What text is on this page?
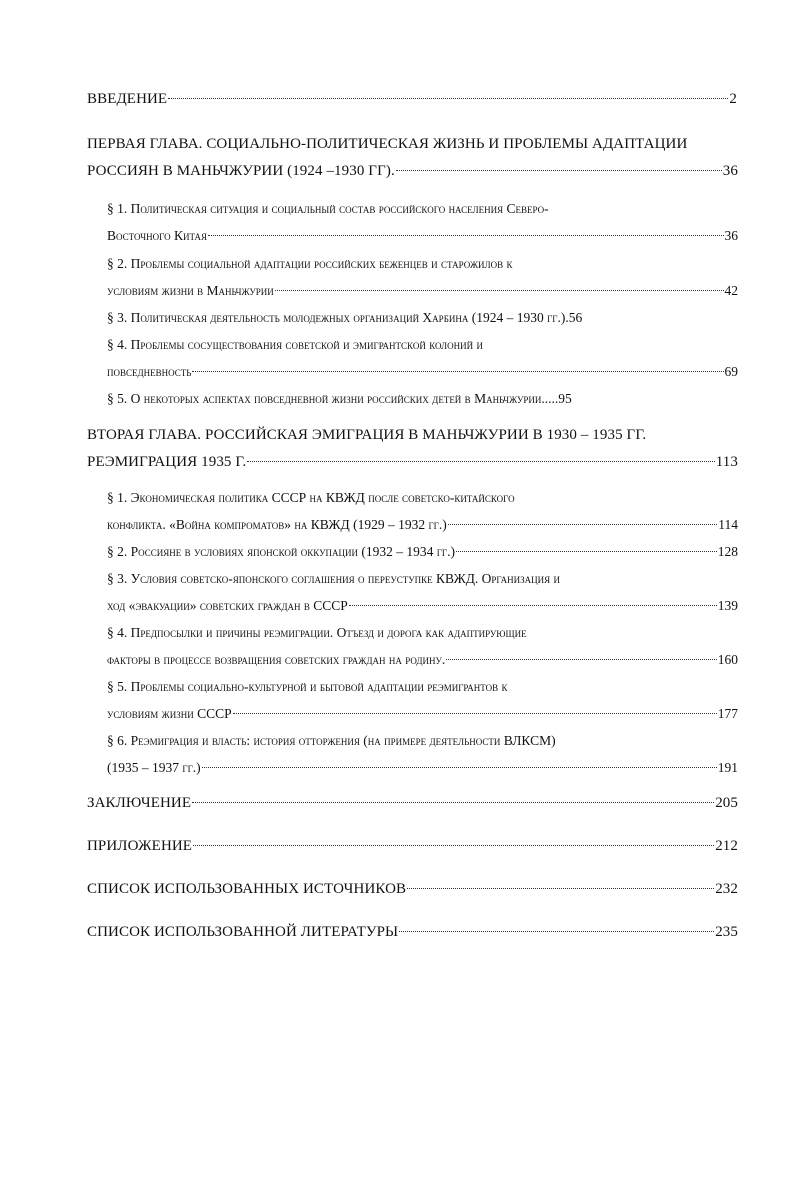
ВВЕДЕНИЕ	2
ПЕРВАЯ ГЛАВА. СОЦИАЛЬНО-ПОЛИТИЧЕСКАЯ ЖИЗНЬ И ПРОБЛЕМЫ АДАПТАЦИИ
РОССИЯН В МАНЬЧЖУРИИ (1924 –1930 ГГ).	36
§ 1. Политическая ситуация и социальный состав российского населения Северо-
Восточного Китая	36
§ 2. Проблемы социальной адаптации российских беженцев и старожилов к
условиям жизни в Маньчжурии	42
§ 3. Политическая деятельность молодежных организаций Харбина (1924 – 1930 гг.) .56
§ 4. Проблемы сосуществования советской и эмигрантской колоний и
повседневность	69
§ 5. О некоторых аспектах повседневной жизни российских детей в Маньчжурии .....95
ВТОРАЯ ГЛАВА. РОССИЙСКАЯ ЭМИГРАЦИЯ В МАНЬЧЖУРИИ В 1930 – 1935 ГГ.
РЕЭМИГРАЦИЯ 1935 Г.	113
§ 1. Экономическая политика СССР на КВЖД после советско-китайского
конфликта. «Война компроматов» на КВЖД (1929 – 1932 гг.)	114
§ 2. Россияне в условиях японской оккупации (1932 – 1934 гг.)	128
§ 3. Условия советско-японского соглашения о переуступке КВЖД. Организация и
ход «эвакуации» советских граждан в СССР	139
§ 4. Предпосылки и причины реэмиграции. Отъезд и дорога как адаптирующие
факторы в процессе возвращения советских граждан на родину.	160
§ 5. Проблемы социально-культурной и бытовой адаптации реэмигрантов к
условиям жизни СССР	177
§ 6. Реэмиграция и власть: история отторжения (на примере деятельности ВЛКСМ)
(1935 – 1937 гг.)	191
ЗАКЛЮЧЕНИЕ	205
ПРИЛОЖЕНИЕ	212
СПИСОК ИСПОЛЬЗОВАННЫХ ИСТОЧНИКОВ	232
СПИСОК ИСПОЛЬЗОВАННОЙ ЛИТЕРАТУРЫ	235
